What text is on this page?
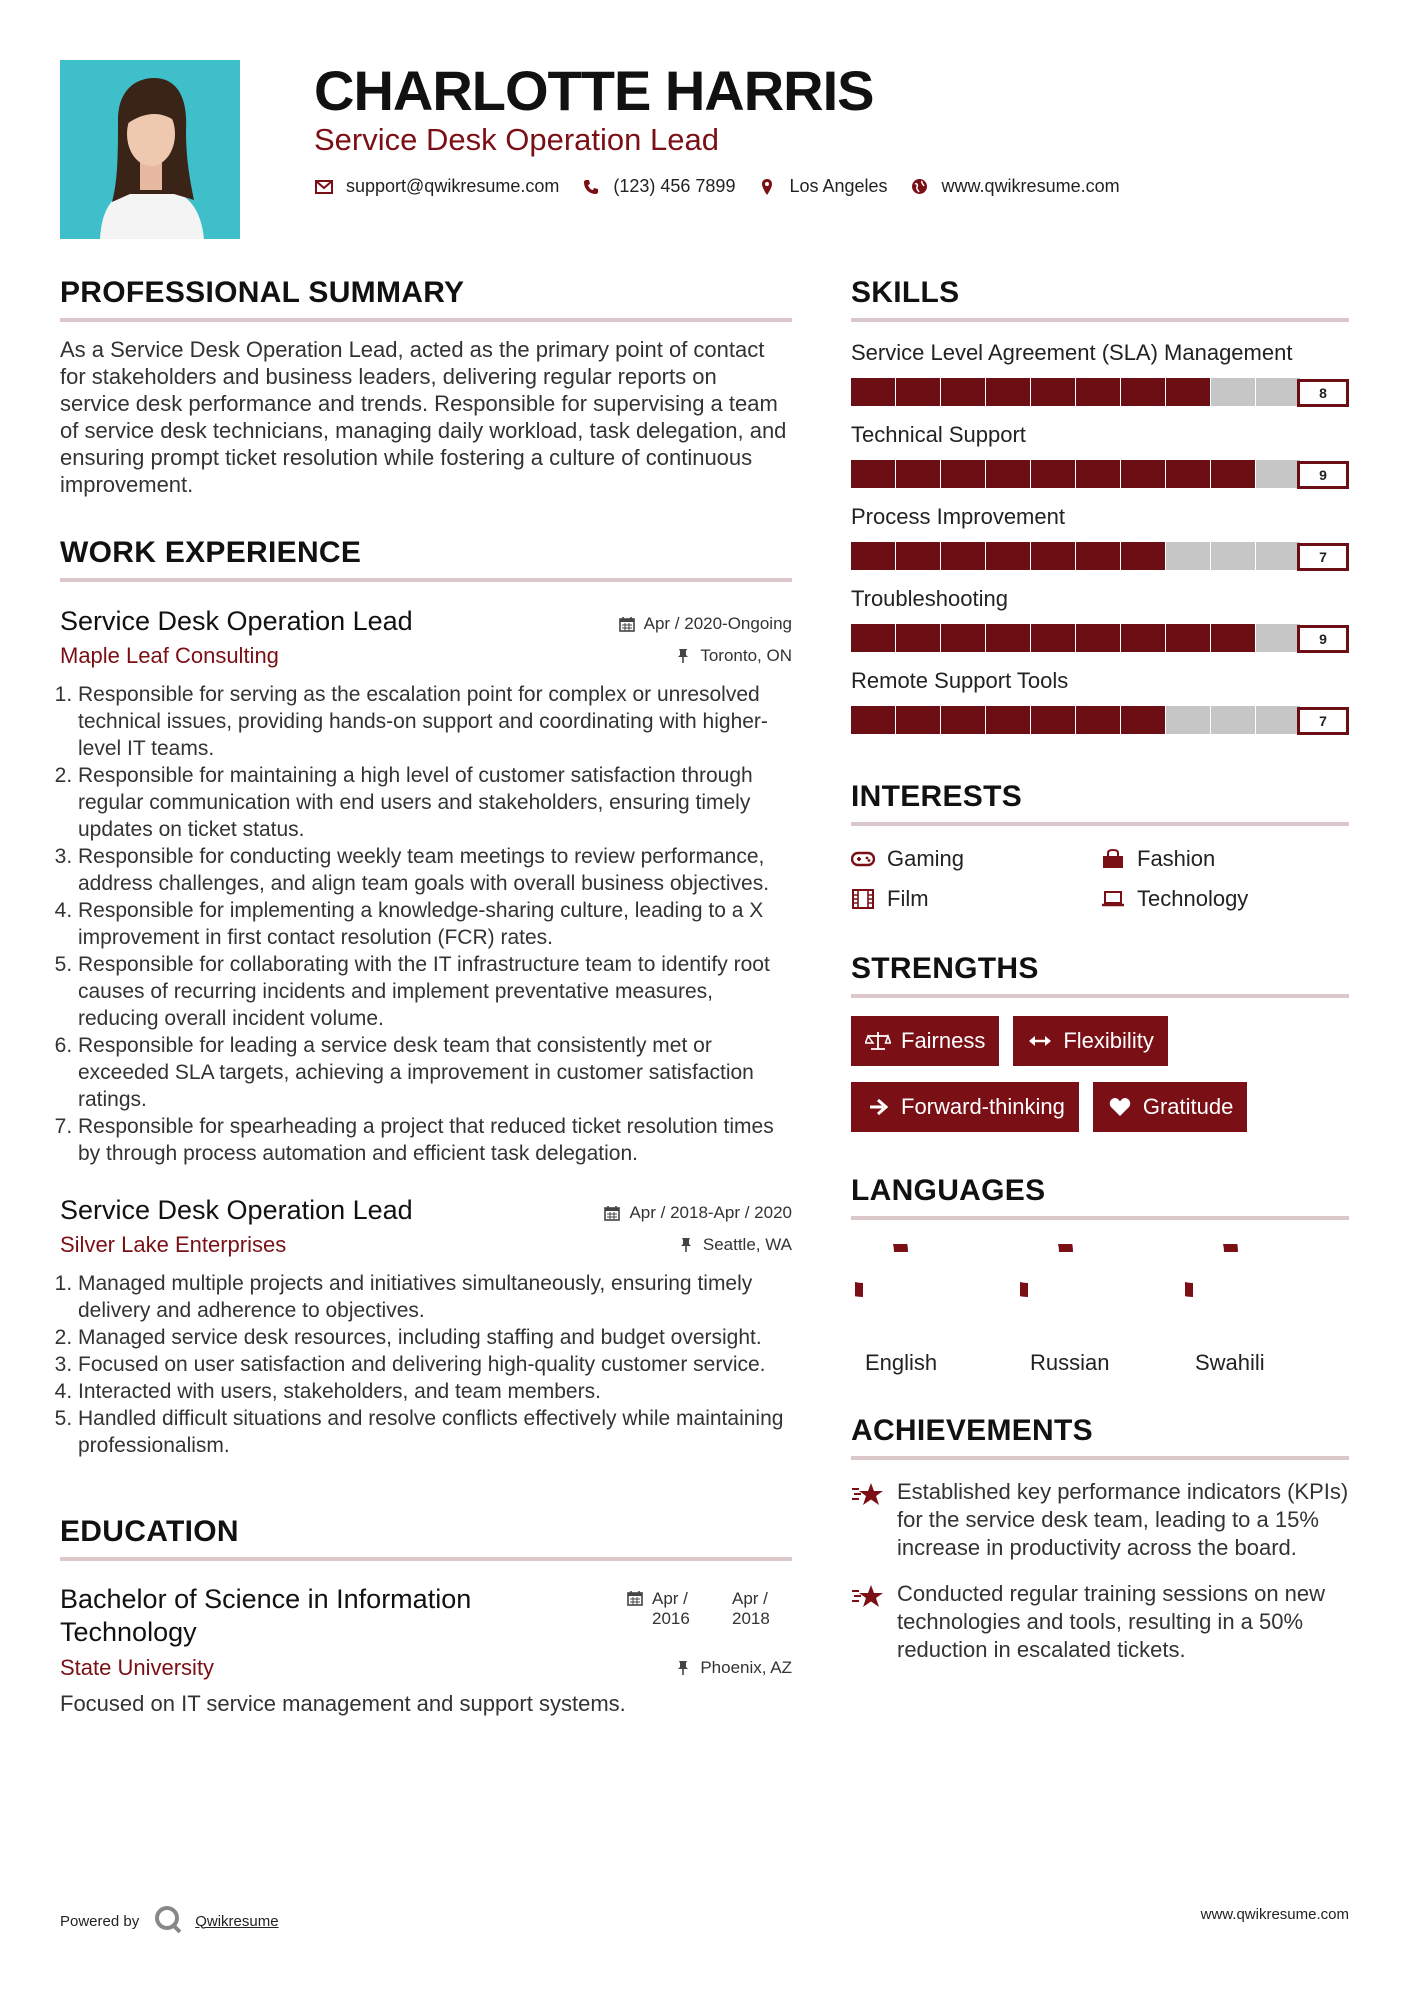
CHARLOTTE HARRIS
Service Desk Operation Lead
support@qwikresume.com	(123) 456 7899	Los Angeles	www.qwikresume.com
PROFESSIONAL SUMMARY
As a Service Desk Operation Lead, acted as the primary point of contact for stakeholders and business leaders, delivering regular reports on service desk performance and trends. Responsible for supervising a team of service desk technicians, managing daily workload, task delegation, and ensuring prompt ticket resolution while fostering a culture of continuous improvement.
WORK EXPERIENCE
Service Desk Operation Lead	Apr / 2020-Ongoing
Maple Leaf Consulting	Toronto, ON
1. Responsible for serving as the escalation point for complex or unresolved technical issues, providing hands-on support and coordinating with higher-level IT teams.
2. Responsible for maintaining a high level of customer satisfaction through regular communication with end users and stakeholders, ensuring timely updates on ticket status.
3. Responsible for conducting weekly team meetings to review performance, address challenges, and align team goals with overall business objectives.
4. Responsible for implementing a knowledge-sharing culture, leading to a X improvement in first contact resolution (FCR) rates.
5. Responsible for collaborating with the IT infrastructure team to identify root causes of recurring incidents and implement preventative measures, reducing overall incident volume.
6. Responsible for leading a service desk team that consistently met or exceeded SLA targets, achieving a improvement in customer satisfaction ratings.
7. Responsible for spearheading a project that reduced ticket resolution times by through process automation and efficient task delegation.
Service Desk Operation Lead	Apr / 2018-Apr / 2020
Silver Lake Enterprises	Seattle, WA
1. Managed multiple projects and initiatives simultaneously, ensuring timely delivery and adherence to objectives.
2. Managed service desk resources, including staffing and budget oversight.
3. Focused on user satisfaction and delivering high-quality customer service.
4. Interacted with users, stakeholders, and team members.
5. Handled difficult situations and resolve conflicts effectively while maintaining professionalism.
EDUCATION
Bachelor of Science in Information Technology
Apr / 2016
Apr / 2018
State University	Phoenix, AZ
Focused on IT service management and support systems.
SKILLS
Service Level Agreement (SLA) Management
8
Technical Support
9
Process Improvement
7
Troubleshooting
9
Remote Support Tools
7
INTERESTS
Gaming	Fashion
Film	Technology
STRENGTHS
Fairness	Flexibility
Forward-thinking	Gratitude
LANGUAGES
English	Russian	Swahili
ACHIEVEMENTS
Established key performance indicators (KPIs) for the service desk team, leading to a 15% increase in productivity across the board.
Conducted regular training sessions on new technologies and tools, resulting in a 50% reduction in escalated tickets.
Powered by	Qwikresume	www.qwikresume.com
